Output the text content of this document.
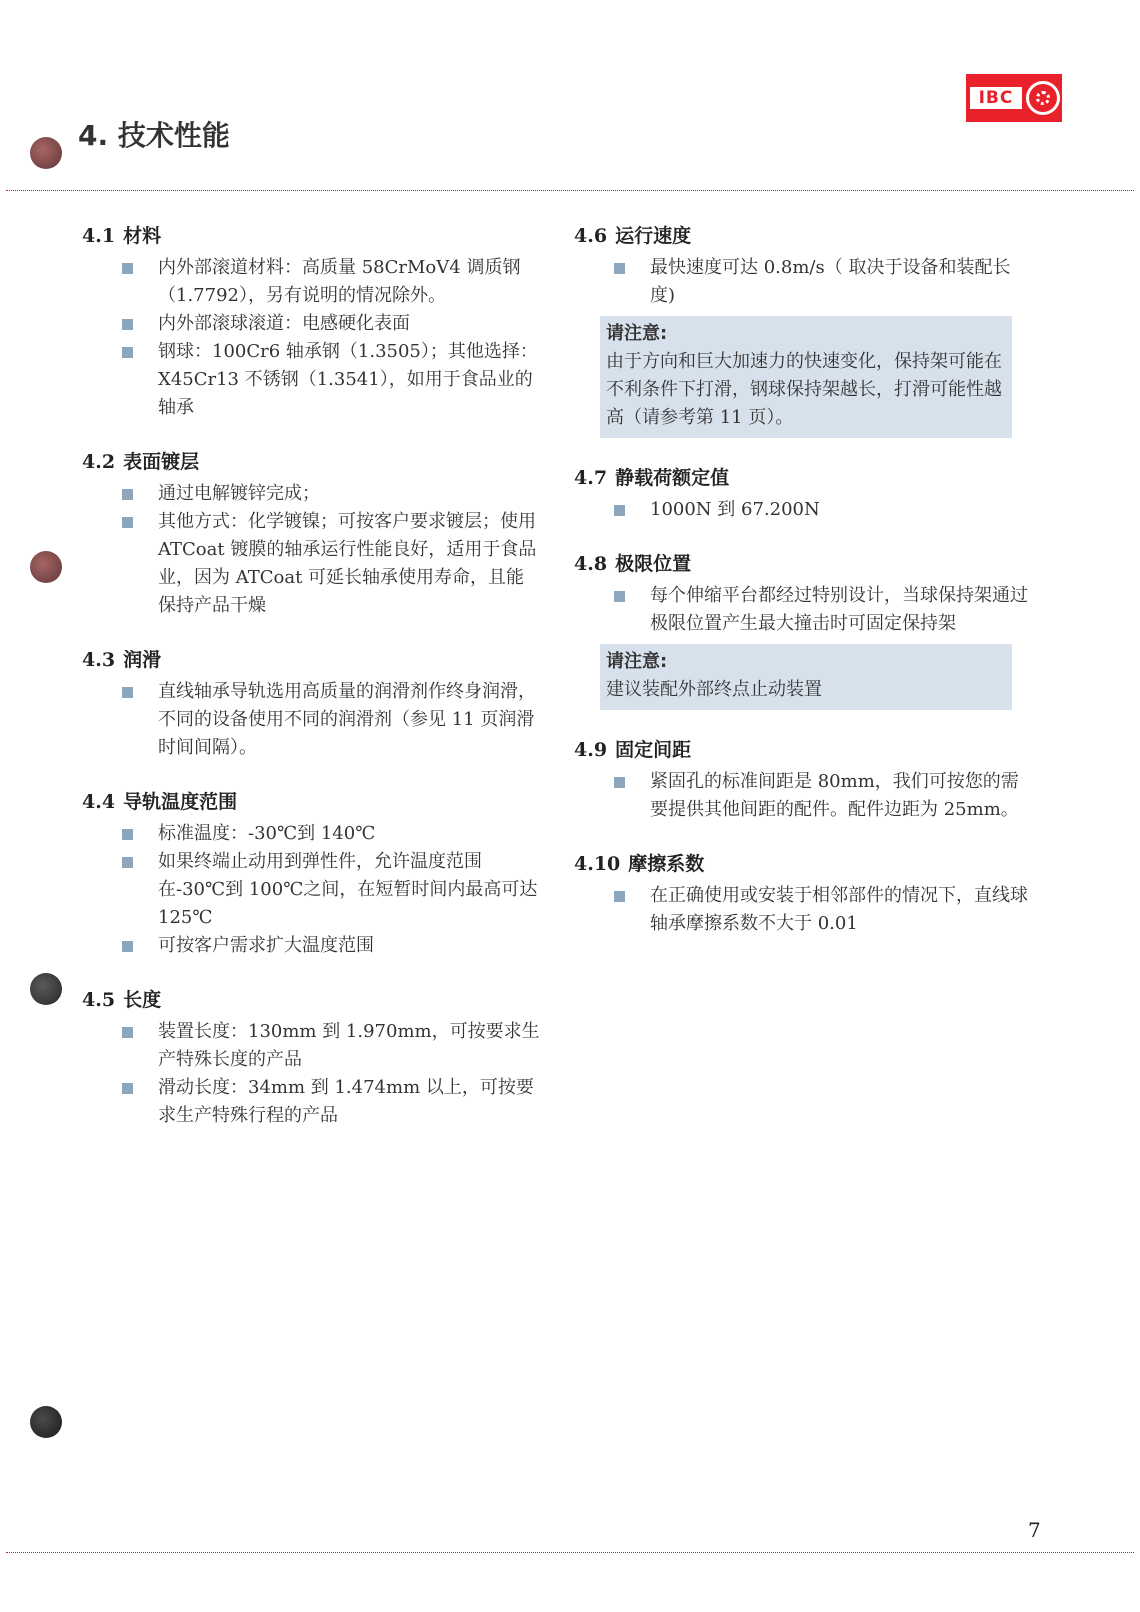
IBC
4. 技术性能
4.1 材料
内外部滚道材料：高质量 58CrMoV4 调质钢（1.7792），另有说明的情况除外。
内外部滚球滚道：电感硬化表面
钢球：100Cr6 轴承钢（1.3505）；其他选择：X45Cr13 不锈钢（1.3541），如用于食品业的轴承
4.2 表面镀层
通过电解镀锌完成；
其他方式：化学镀镍；可按客户要求镀层；使用 ATCoat 镀膜的轴承运行性能良好，适用于食品业，因为 ATCoat 可延长轴承使用寿命，且能保持产品干燥
4.3 润滑
直线轴承导轨选用高质量的润滑剂作终身润滑，不同的设备使用不同的润滑剂（参见 11 页润滑时间间隔）。
4.4 导轨温度范围
标准温度：-30℃到 140℃
如果终端止动用到弹性件，允许温度范围在-30℃到 100℃之间，在短暂时间内最高可达 125℃
可按客户需求扩大温度范围
4.5 长度
装置长度：130mm 到 1.970mm，可按要求生产特殊长度的产品
滑动长度：34mm 到 1.474mm 以上，可按要求生产特殊行程的产品
4.6 运行速度
最快速度可达 0.8m/s（ 取决于设备和装配长度)
请注意:
由于方向和巨大加速力的快速变化，保持架可能在不利条件下打滑，钢球保持架越长，打滑可能性越高（请参考第 11 页）。
4.7 静载荷额定值
1000N 到 67.200N
4.8 极限位置
每个伸缩平台都经过特别设计，当球保持架通过极限位置产生最大撞击时可固定保持架
请注意:
建议装配外部终点止动装置
4.9 固定间距
紧固孔的标准间距是 80mm，我们可按您的需要提供其他间距的配件。配件边距为 25mm。
4.10 摩擦系数
在正确使用或安装于相邻部件的情况下，直线球轴承摩擦系数不大于 0.01
7
